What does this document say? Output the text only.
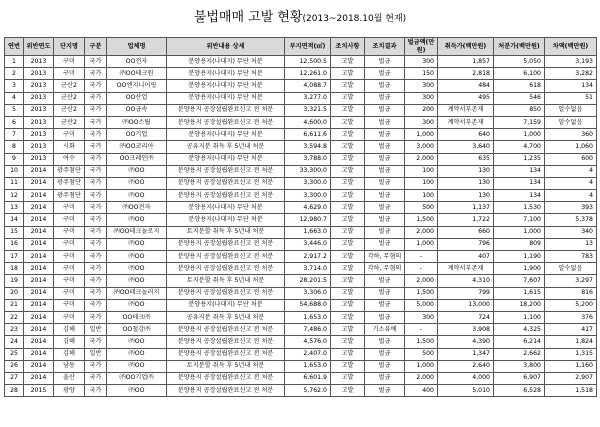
불법매매 고발 현황(2013~2018.10월 현재)
연번	위반연도	단지명	구분	업체명	위반내용 상세	부지면적(㎡)	조치사항	조치결과	벌금액(만원)	취득가(백만원)	처분가(백만원)	차액(백만원)
1	2013	구미	국가	OO전자	분양용지(나대지) 무단 처분	12,500.5	고발	벌금	300	1,857	5,050	3,193
2	2013	구미	국가	㈜OO테크원	분양용지(나대지) 무단 처분	12,261.0	고발	벌금	150	2,818	6,100	3,282
3	2013	군산2	국가	OO엔지니어링	분양용지(나대지) 무단 처분	4,088.7	고발	벌금	300	484	618	134
4	2013	군산2	국가	OO산업	분양용지(나대지) 무단 처분	3,277.0	고발	벌금	300	495	546	51
5	2013	군산2	국가	OO금속	분양용지 공장설립완료신고 전 처분	3,321.5	고발	벌금	200	계약서부존재	850	알수없음
6	2013	군산2	국가	㈜OO스틸	분양용지 공장설립완료신고 전 처분	4,600.0	고발	벌금	300	계약서부존재	7,159	알수없음
7	2013	구미	국가	OO기업	분양용지(나대지) 무단 처분	6,611.6	고발	벌금	1,000	640	1,000	360
8	2013	시화	국가	㈜OO코리아	공유지분 취득 후 5년내 처분	3,594.8	고발	벌금	3,000	3,640	4,700	1,060
9	2013	여수	국가	OO크레인㈜	분양용지(나대지) 무단 처분	3,788.0	고발	벌금	2,000	635	1,235	600
10	2014	광주첨단	국가	㈜OO	분양용지 공장설립완료신고 전 처분	33,300.0	고발	벌금	100	130	134	4
11	2014	광주첨단	국가	㈜OO	분양용지 공장설립완료신고 전 처분	3,300.0	고발	벌금	100	130	134	4
12	2014	광주첨단	국가	㈜OO	분양용지 공장설립완료신고 전 처분	3,300.0	고발	벌금	100	130	134	4
13	2014	구미	국가	㈜OO전자	분양용지(나대지) 무단 처분	4,629.0	고발	벌금	500	1,137	1,530	393
14	2014	구미	국가	㈜OO	분양용지(나대지) 무단 처분	12,980.7	고발	벌금	1,500	1,722	7,100	5,378
15	2014	구미	국가	㈜OO테크놀로지	토지분할 취득 후 5년내 처분	1,663.0	고발	벌금	2,000	660	1,000	340
16	2014	구미	국가	㈜OO	분양용지 공장설립완료신고 전 처분	3,446.0	고발	벌금	1,000	796	809	13
17	2014	구미	국가	㈜OO	분양용지 공장설립완료신고 전 처분	2,917.2	고발	각하, 무혐의	-	407	1,190	783
18	2014	구미	국가	㈜OO	분양용지 공장설립완료신고 전 처분	3,714.0	고발	각하, 무혐의	-	계약서부존재	1,900	알수없음
19	2014	구미	국가	㈜OO	토지분할 취득 후 5년내 처분	28,201.5	고발	벌금	2,000	4,310	7,607	3,297
20	2014	구미	국가	㈜OO테크놀러지	분양용지 공장설립완료신고 전 처분	3,306.0	고발	벌금	1,500	799	1,615	816
21	2014	구미	국가	㈜OO	분양용지(나대지) 무단 처분	54,688.0	고발	벌금	5,000	13,000	18,200	5,200
22	2014	구미	국가	OO테크㈜	공유지분 취득 후 5년내 처분	1,653.0	고발	벌금	300	724	1,100	376
23	2014	김해	일반	OO철강㈜	분양용지 공장설립완료신고 전 처분	7,486.0	고발	기소유예	-	3,908	4,325	417
24	2014	김해	국가	㈜OO	분양용지 공장설립완료신고 전 처분	4,576.0	고발	벌금	1,500	4,390	6,214	1,824
25	2014	김해	일반	㈜OO	분양용지 공장설립완료신고 전 처분	2,407.0	고발	벌금	500	1,347	2,662	1,315
26	2014	남동	국가	㈜OO	토지분할 취득 후 5년내 처분	1,653.0	고발	벌금	1,000	2,640	3,800	1,160
27	2014	울산	국가	㈜OO기업㈜	분양용지 공장설립완료신고 전 처분	6,601.9	고발	벌금	2,000	4,000	6,907	2,907
28	2015	광양	국가	㈜OO	분양용지 공장설립완료신고 전 처분	5,762.0	고발	벌금	400	5,010	6,528	1,518
